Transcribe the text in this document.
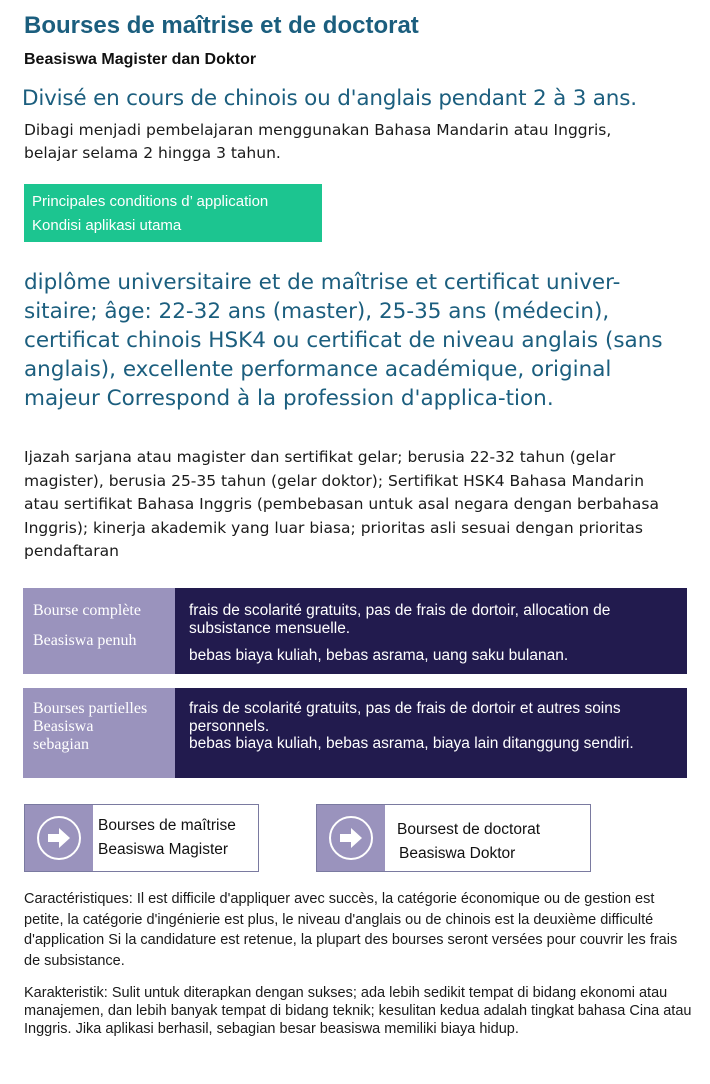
Bourses de maîtrise et de doctorat
Beasiswa Magister dan Doktor

Divisé en cours de chinois ou d'anglais pendant 2 à 3 ans.

Dibagi menjadi pembelajaran menggunakan Bahasa Mandarin atau Inggris, belajar selama 2 hingga 3 tahun.

Principales conditions d’ application
Kondisi aplikasi utama

diplôme universitaire et de maîtrise et certificat univer-sitaire; âge: 22-32 ans (master), 25-35 ans (médecin), certificat chinois HSK4 ou certificat de niveau anglais (sans anglais), excellente performance académique, original majeur Correspond à la profession d'applica-tion.

Ijazah sarjana atau magister dan sertifikat gelar; berusia 22-32 tahun (gelar magister), berusia 25-35 tahun (gelar doktor); Sertifikat HSK4 Bahasa Mandarin atau sertifikat Bahasa Inggris (pembebasan untuk asal negara dengan berbahasa Inggris); kinerja akademik yang luar biasa; prioritas asli sesuai dengan prioritas pendaftaran

Bourse complète
Beasiswa penuh
frais de scolarité gratuits, pas de frais de dortoir, allocation de subsistance mensuelle.
bebas biaya kuliah, bebas asrama, uang saku bulanan.
Bourses partielles
Beasiswa sebagian
frais de scolarité gratuits, pas de frais de dortoir et autres soins personnels.
bebas biaya kuliah, bebas asrama, biaya lain ditanggung sendiri.
Bourses de maîtrise
Beasiswa Magister
Boursest de doctorat
Beasiswa Doktor

Caractéristiques: Il est difficile d'appliquer avec succès, la catégorie économique ou de gestion est petite, la catégorie d'ingénierie est plus, le niveau d'anglais ou de chinois est la deuxième difficulté d'application Si la candidature est retenue, la plupart des bourses seront versées pour couvrir les frais de subsistance.

Karakteristik: Sulit untuk diterapkan dengan sukses; ada lebih sedikit tempat di bidang ekonomi atau manajemen, dan lebih banyak tempat di bidang teknik; kesulitan kedua adalah tingkat bahasa Cina atau Inggris. Jika aplikasi berhasil, sebagian besar beasiswa memiliki biaya hidup.
